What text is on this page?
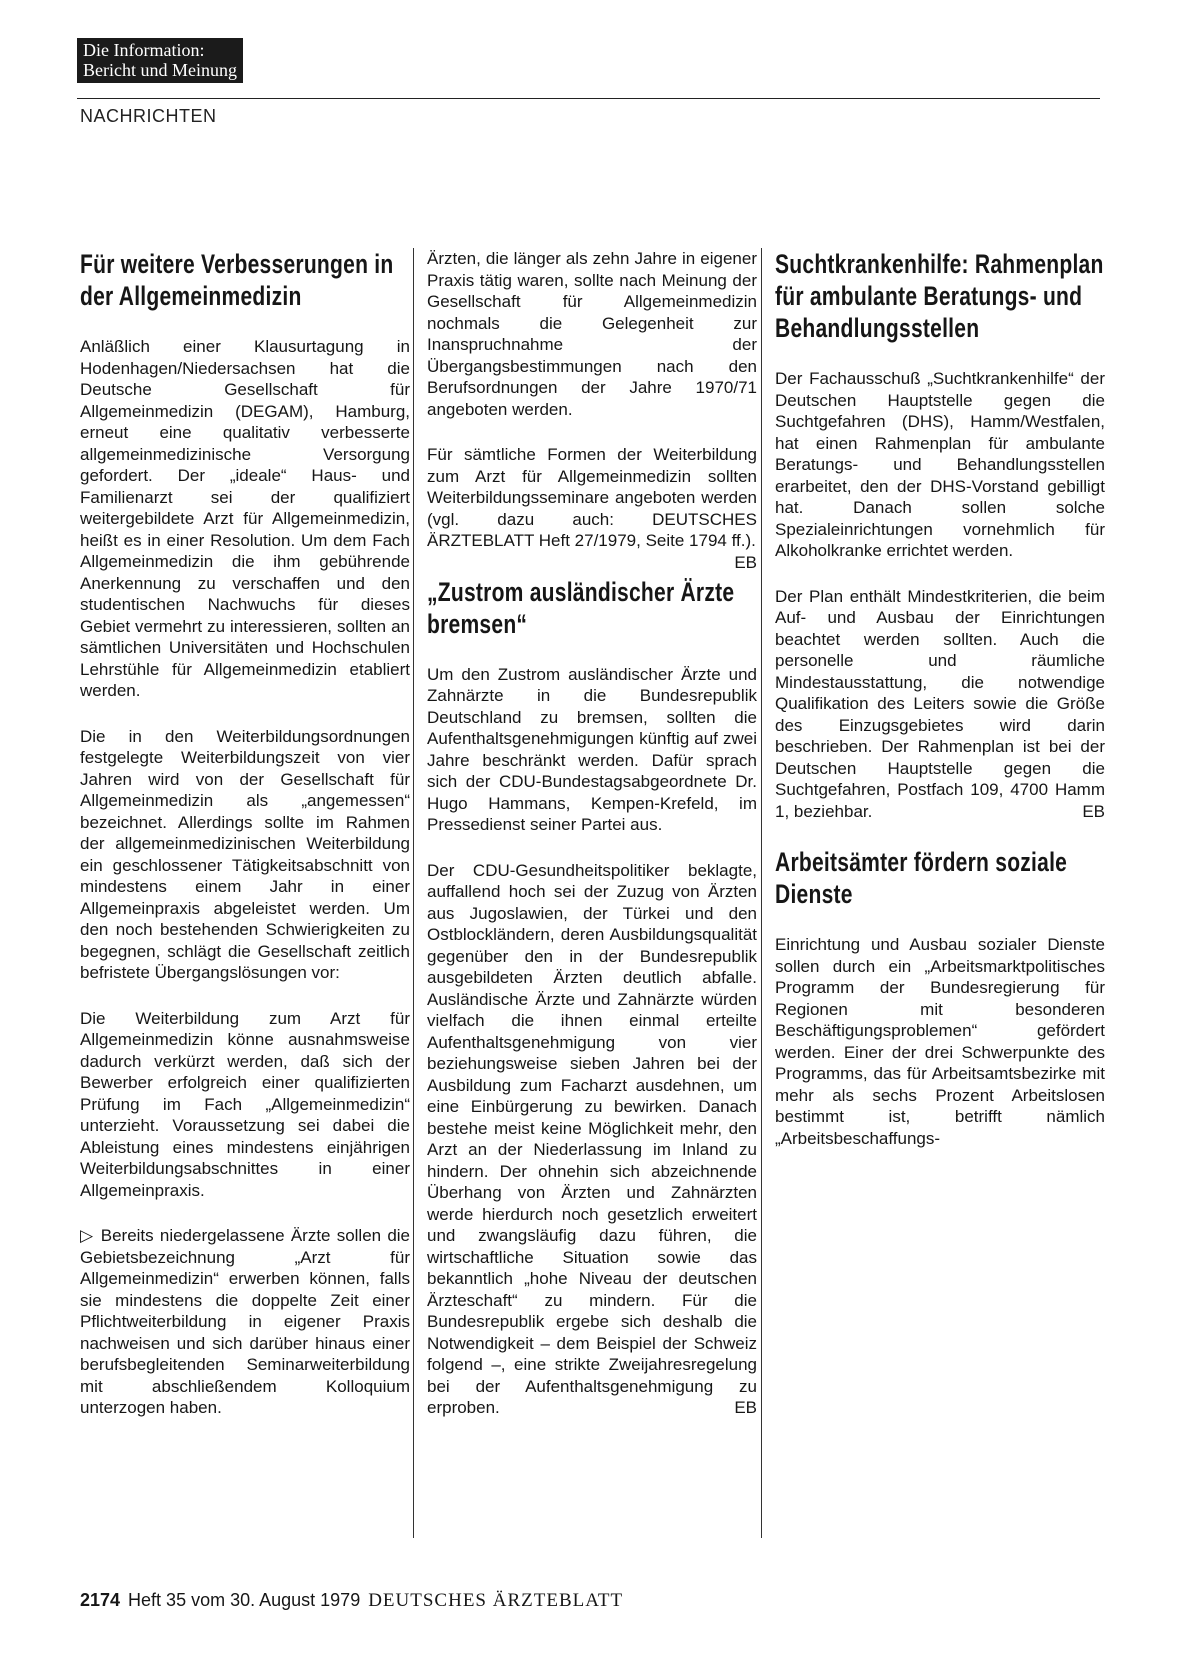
Die Information:
Bericht und Meinung
NACHRICHTEN
Für weitere Verbesserungen in der Allgemeinmedizin

Anläßlich einer Klausurtagung in Hodenhagen/Niedersachsen hat die Deutsche Gesellschaft für Allgemeinmedizin (DEGAM), Hamburg, erneut eine qualitativ verbesserte allgemeinmedizinische Versorgung gefordert. Der „ideale“ Haus- und Familienarzt sei der qualifiziert weitergebildete Arzt für Allgemeinmedizin, heißt es in einer Resolution. Um dem Fach Allgemeinmedizin die ihm gebührende Anerkennung zu verschaffen und den studentischen Nachwuchs für dieses Gebiet vermehrt zu interessieren, sollten an sämtlichen Universitäten und Hochschulen Lehrstühle für Allgemeinmedizin etabliert werden.

Die in den Weiterbildungsordnungen festgelegte Weiterbildungszeit von vier Jahren wird von der Gesellschaft für Allgemeinmedizin als „angemessen“ bezeichnet. Allerdings sollte im Rahmen der allgemeinmedizinischen Weiterbildung ein geschlossener Tätigkeitsabschnitt von mindestens einem Jahr in einer Allgemeinpraxis abgeleistet werden. Um den noch bestehenden Schwierigkeiten zu begegnen, schlägt die Gesellschaft zeitlich befristete Übergangslösungen vor:

Die Weiterbildung zum Arzt für Allgemeinmedizin könne ausnahmsweise dadurch verkürzt werden, daß sich der Bewerber erfolgreich einer qualifizierten Prüfung im Fach „Allgemeinmedizin“ unterzieht. Voraussetzung sei dabei die Ableistung eines mindestens einjährigen Weiterbildungsabschnittes in einer Allgemeinpraxis.

▷ Bereits niedergelassene Ärzte sollen die Gebietsbezeichnung „Arzt für Allgemeinmedizin“ erwerben können, falls sie mindestens die doppelte Zeit einer Pflichtweiterbildung in eigener Praxis nachweisen und sich darüber hinaus einer berufsbegleitenden Seminarweiterbildung mit abschließendem Kolloquium unterzogen haben.

Ärzten, die länger als zehn Jahre in eigener Praxis tätig waren, sollte nach Meinung der Gesellschaft für Allgemeinmedizin nochmals die Gelegenheit zur Inanspruchnahme der Übergangsbestimmungen nach den Berufsordnungen der Jahre 1970/71 angeboten werden.

Für sämtliche Formen der Weiterbildung zum Arzt für Allgemeinmedizin sollten Weiterbildungsseminare angeboten werden (vgl. dazu auch: DEUTSCHES ÄRZTEBLATT Heft 27/1979, Seite 1794 ff.).
EB

„Zustrom ausländischer Ärzte bremsen“

Um den Zustrom ausländischer Ärzte und Zahnärzte in die Bundesrepublik Deutschland zu bremsen, sollten die Aufenthaltsgenehmigungen künftig auf zwei Jahre beschränkt werden. Dafür sprach sich der CDU-Bundestagsabgeordnete Dr. Hugo Hammans, Kempen-Krefeld, im Pressedienst seiner Partei aus.

Der CDU-Gesundheitspolitiker beklagte, auffallend hoch sei der Zuzug von Ärzten aus Jugoslawien, der Türkei und den Ostblockländern, deren Ausbildungsqualität gegenüber den in der Bundesrepublik ausgebildeten Ärzten deutlich abfalle. Ausländische Ärzte und Zahnärzte würden vielfach die ihnen einmal erteilte Aufenthaltsgenehmigung von vier beziehungsweise sieben Jahren bei der Ausbildung zum Facharzt ausdehnen, um eine Einbürgerung zu bewirken. Danach bestehe meist keine Möglichkeit mehr, den Arzt an der Niederlassung im Inland zu hindern. Der ohnehin sich abzeichnende Überhang von Ärzten und Zahnärzten werde hierdurch noch gesetzlich erweitert und zwangsläufig dazu führen, die wirtschaftliche Situation sowie das bekanntlich „hohe Niveau der deutschen Ärzteschaft“ zu mindern. Für die Bundesrepublik ergebe sich deshalb die Notwendigkeit – dem Beispiel der Schweiz folgend –, eine strikte Zweijahresregelung bei der Aufenthaltsgenehmigung zu erproben.	EB

Suchtkrankenhilfe: Rahmenplan für ambulante Beratungs- und Behandlungsstellen

Der Fachausschuß „Suchtkrankenhilfe“ der Deutschen Hauptstelle gegen die Suchtgefahren (DHS), Hamm/Westfalen, hat einen Rahmenplan für ambulante Beratungs- und Behandlungsstellen erarbeitet, den der DHS-Vorstand gebilligt hat. Danach sollen solche Spezialeinrichtungen vornehmlich für Alkoholkranke errichtet werden.

Der Plan enthält Mindestkriterien, die beim Auf- und Ausbau der Einrichtungen beachtet werden sollten. Auch die personelle und räumliche Mindestausstattung, die notwendige Qualifikation des Leiters sowie die Größe des Einzugsgebietes wird darin beschrieben. Der Rahmenplan ist bei der Deutschen Hauptstelle gegen die Suchtgefahren, Postfach 109, 4700 Hamm 1, beziehbar.	EB

Arbeitsämter fördern soziale Dienste

Einrichtung und Ausbau sozialer Dienste sollen durch ein „Arbeitsmarktpolitisches Programm der Bundesregierung für Regionen mit besonderen Beschäftigungsproblemen“ gefördert werden. Einer der drei Schwerpunkte des Programms, das für Arbeitsamtsbezirke mit mehr als sechs Prozent Arbeitslosen bestimmt ist, betrifft nämlich „Arbeitsbeschaffungs-

2174 Heft 35 vom 30. August 1979 DEUTSCHES ÄRZTEBLATT
